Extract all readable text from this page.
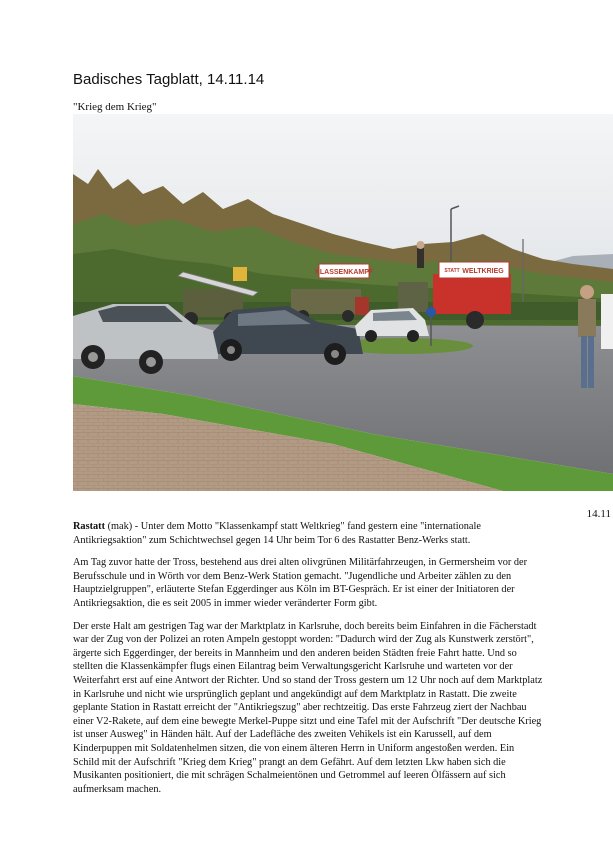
Badisches Tagblatt, 14.11.14
"Krieg dem Krieg"
KLASSENKAMPF	STATT WELTKRIEG
14.11

Rastatt (mak) - Unter dem Motto "Klassenkampf statt Weltkrieg" fand gestern eine "internationale Antikriegsaktion" zum Schichtwechsel gegen 14 Uhr beim Tor 6 des Rastatter Benz-Werks statt.

Am Tag zuvor hatte der Tross, bestehend aus drei alten olivgrünen Militärfahrzeugen, in Germersheim vor der Berufsschule und in Wörth vor dem Benz-Werk Station gemacht. "Jugendliche und Arbeiter zählen zu den Hauptzielgruppen", erläuterte Stefan Eggerdinger aus Köln im BT-Gespräch. Er ist einer der Initiatoren der Antikriegsaktion, die es seit 2005 in immer wieder veränderter Form gibt.

Der erste Halt am gestrigen Tag war der Marktplatz in Karlsruhe, doch bereits beim Einfahren in die Fächerstadt war der Zug von der Polizei an roten Ampeln gestoppt worden: "Dadurch wird der Zug als Kunstwerk zerstört", ärgerte sich Eggerdinger, der bereits in Mannheim und den anderen beiden Städten freie Fahrt hatte. Und so stellten die Klassenkämpfer flugs einen Eilantrag beim Verwaltungsgericht Karlsruhe und warteten vor der Weiterfahrt erst auf eine Antwort der Richter. Und so stand der Tross gestern um 12 Uhr noch auf dem Marktplatz in Karlsruhe und nicht wie ursprünglich geplant und angekündigt auf dem Marktplatz in Rastatt. Die zweite geplante Station in Rastatt erreicht der "Antikriegszug" aber rechtzeitig. Das erste Fahrzeug ziert der Nachbau einer V2-Rakete, auf dem eine bewegte Merkel-Puppe sitzt und eine Tafel mit der Aufschrift "Der deutsche Krieg ist unser Ausweg" in Händen hält. Auf der Ladefläche des zweiten Vehikels ist ein Karussell, auf dem Kinderpuppen mit Soldatenhelmen sitzen, die von einem älteren Herrn in Uniform angestoßen werden. Ein Schild mit der Aufschrift "Krieg dem Krieg" prangt an dem Gefährt. Auf dem letzten Lkw haben sich die Musikanten positioniert, die mit schrägen Schalmeientönen und Getrommel auf leeren Ölfässern auf sich aufmerksam machen.
